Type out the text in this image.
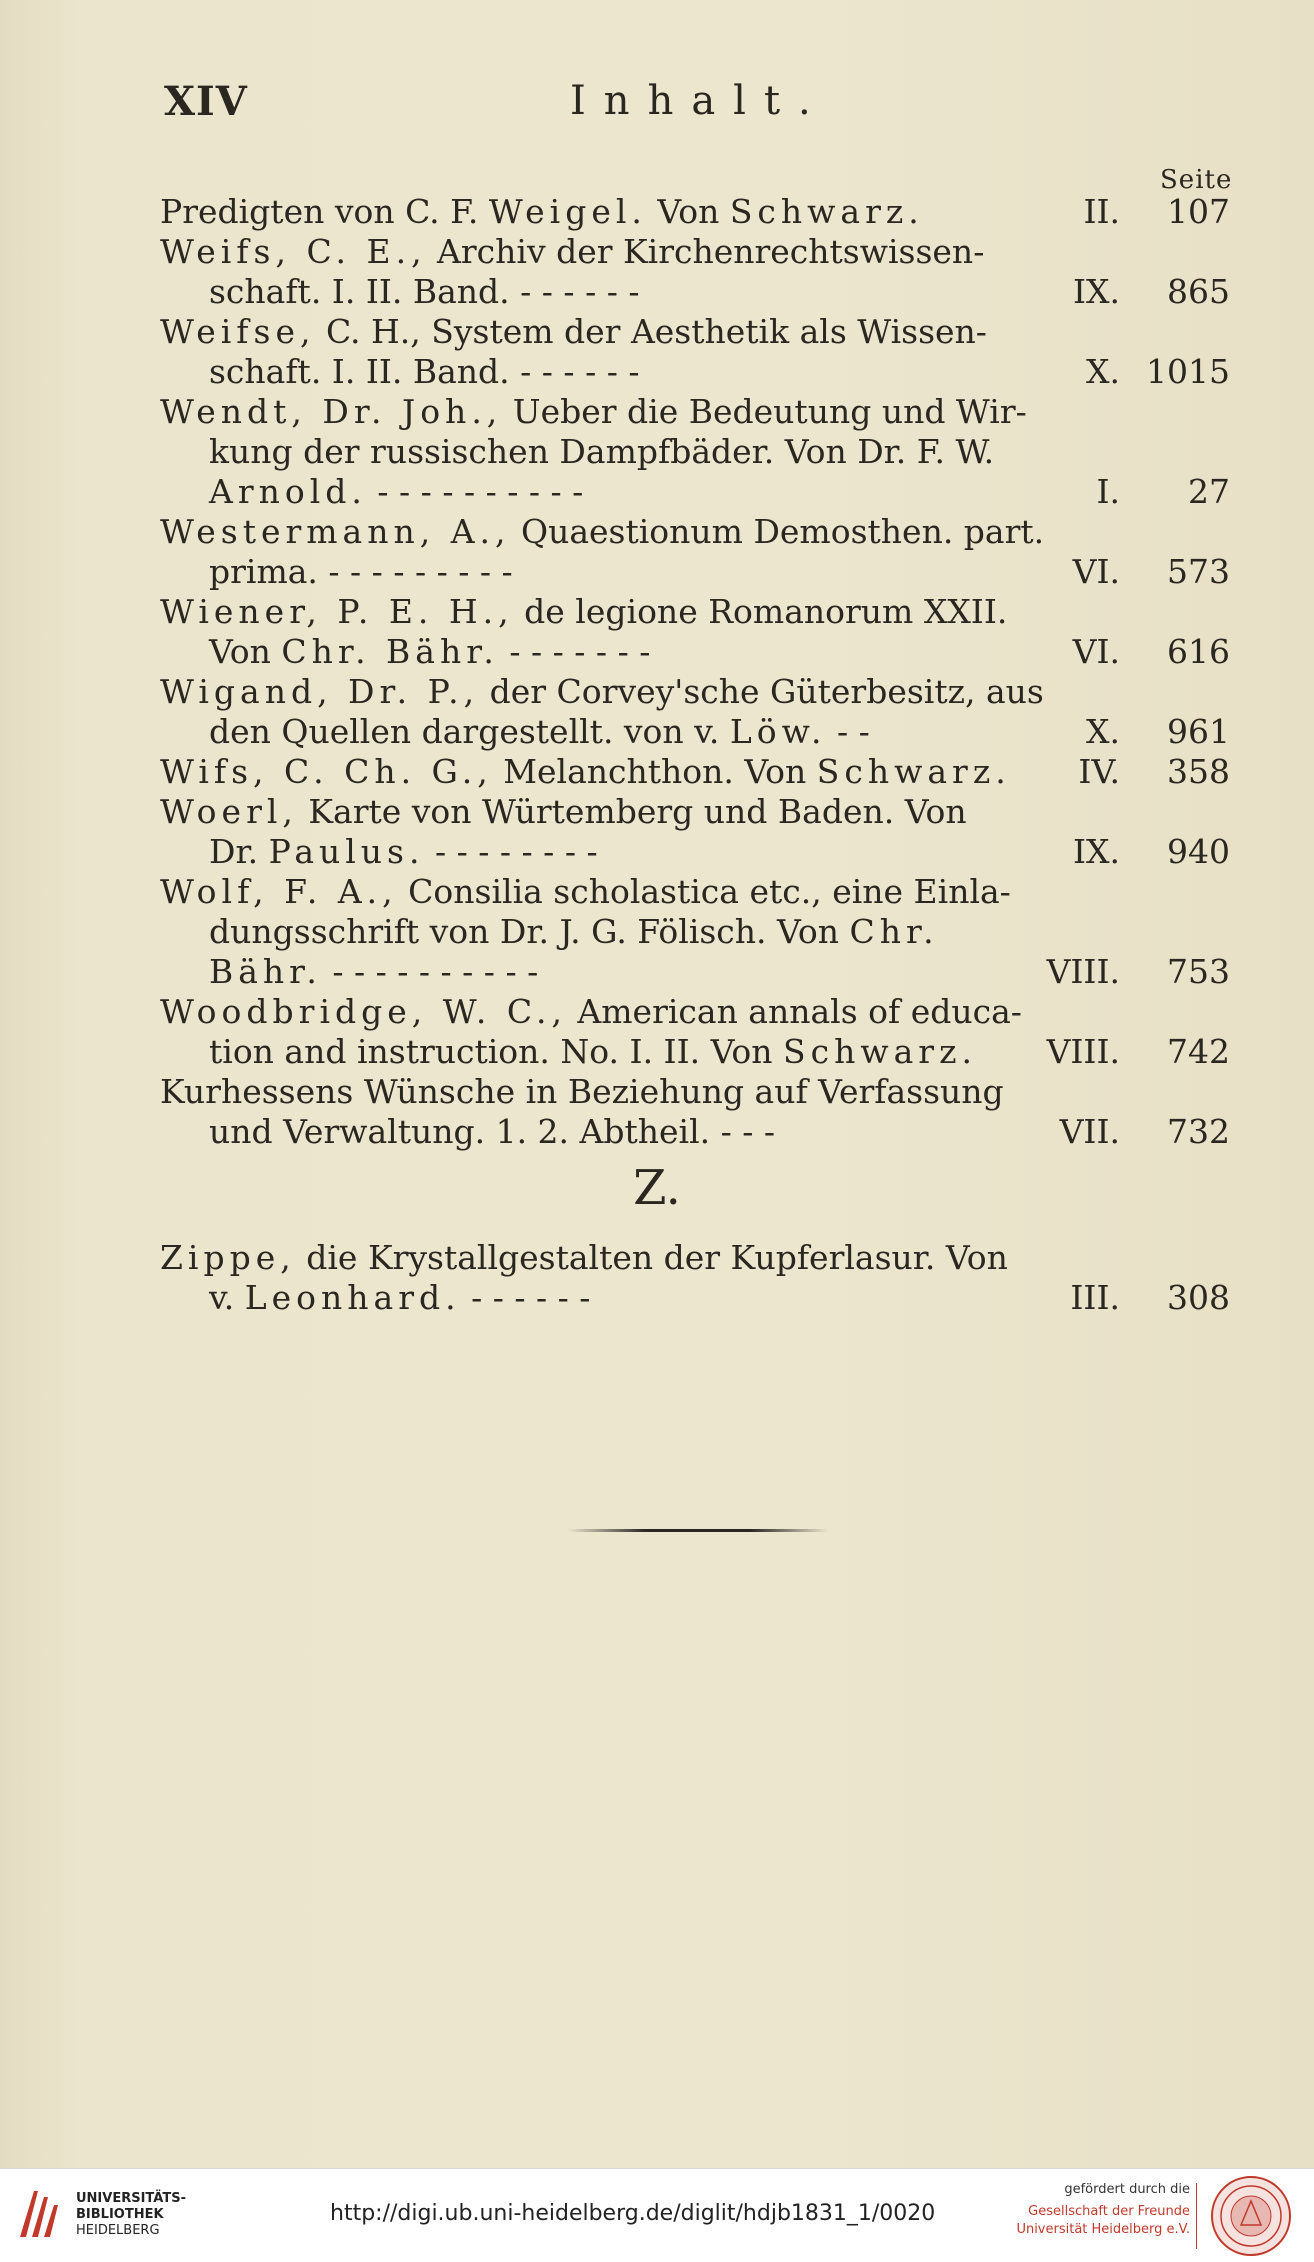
XIV	Inhalt.
Seite
Predigten von C. F. Weigel. Von Schwarz.	II.	107
Weifs, C. E., Archiv der Kirchenrechtswissen-
schaft. I. II. Band. - - - - - -	IX.	865
Weifse, C. H., System der Aesthetik als Wissen-
schaft. I. II. Band. - - - - - -	X. 1015
Wendt, Dr. Joh., Ueber die Bedeutung und Wir-
kung der russischen Dampfbäder. Von Dr. F. W.
Arnold. - - - - - - - - - -	I.	27
Westermann, A., Quaestionum Demosthen. part.
prima. - - - - - - - - -	VI.	573
Wiener, P. E. H., de legione Romanorum XXII.
Von Chr. Bähr. - - - - - - -	VI.	616
Wigand, Dr. P., der Corvey'sche Güterbesitz, aus
den Quellen dargestellt. von v. Löw. - -	X.	961
Wifs, C. Ch. G., Melanchthon. Von Schwarz.	IV.	358
Woerl, Karte von Würtemberg und Baden. Von
Dr. Paulus. - - - - - - - -	IX.	940
Wolf, F. A., Consilia scholastica etc., eine Einla-
dungsschrift von Dr. J. G. Fölisch. Von Chr.
Bähr. - - - - - - - - - -	VIII.	753
Woodbridge, W. C., American annals of educa-
tion and instruction. No. I. II. Von Schwarz.	VIII.	742
Kurhessens Wünsche in Beziehung auf Verfassung
und Verwaltung. 1. 2. Abtheil. - - -	VII.	732
Z.
Zippe, die Krystallgestalten der Kupferlasur. Von
v. Leonhard. - - - - - -	III.	308
UNIVERSITÄTS-
BIBLIOTHEK
HEIDELBERG
http://digi.ub.uni-heidelberg.de/diglit/hdjb1831_1/0020
gefördert durch die
Gesellschaft der Freunde
Universität Heidelberg e.V.
